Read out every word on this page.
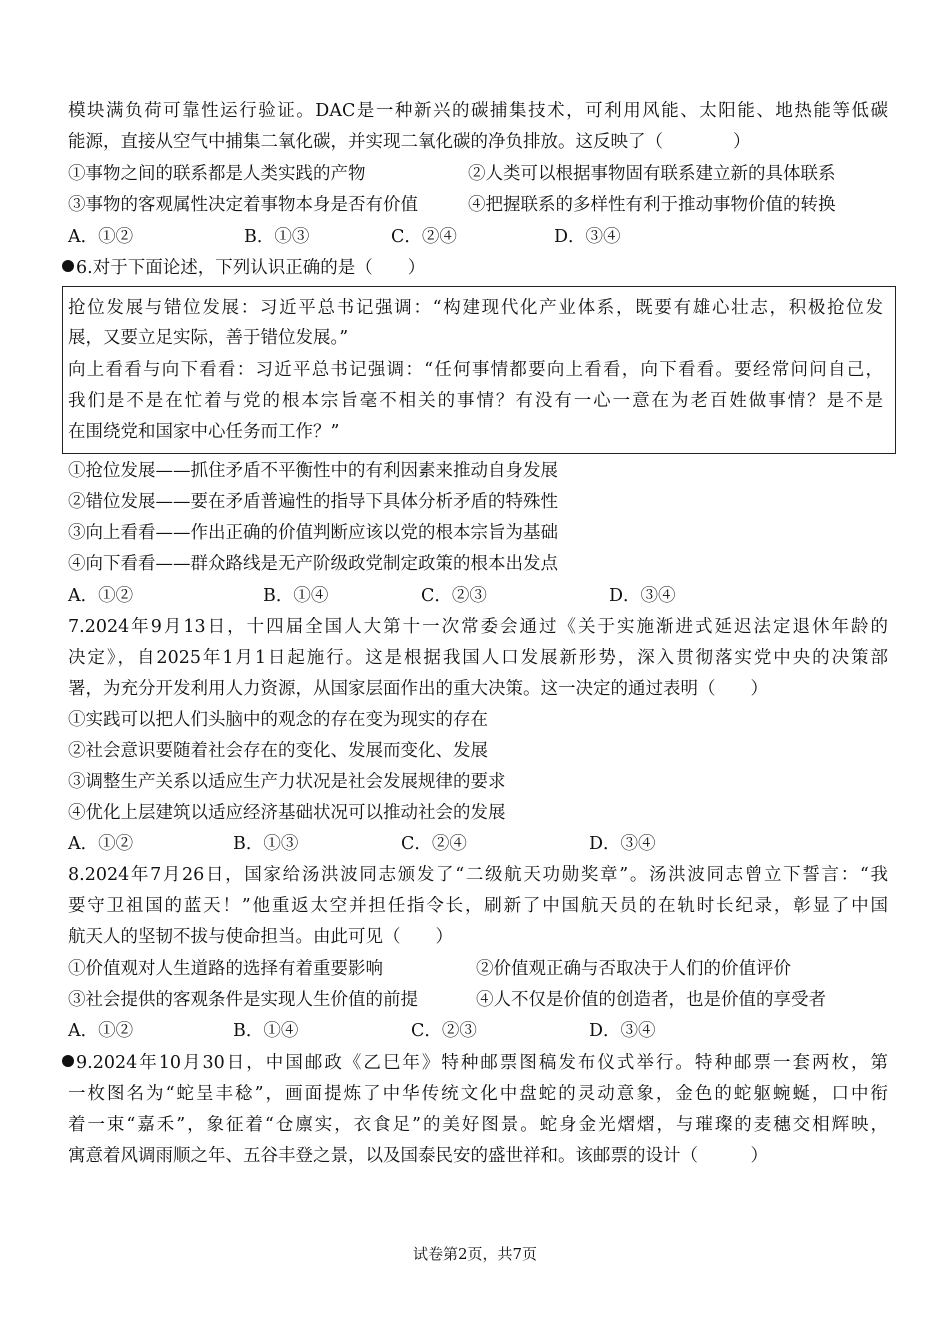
模块满负荷可靠性运行验证。DAC是一种新兴的碳捕集技术，可利用风能、太阳能、地热能等低碳
能源，直接从空气中捕集二氧化碳，并实现二氧化碳的净负排放。这反映了（　　　　）
①事物之间的联系都是人类实践的产物	②人类可以根据事物固有联系建立新的具体联系
③事物的客观属性决定着事物本身是否有价值	④把握联系的多样性有利于推动事物价值的转换
A．①②	B．①③	C．②④	D．③④
6.对于下面论述，下列认识正确的是（　　）
抢位发展与错位发展：习近平总书记强调：“构建现代化产业体系，既要有雄心壮志，积极抢位发
展，又要立足实际，善于错位发展。”
向上看看与向下看看：习近平总书记强调：“任何事情都要向上看看，向下看看。要经常问问自己，
我们是不是在忙着与党的根本宗旨毫不相关的事情？有没有一心一意在为老百姓做事情？是不是
在围绕党和国家中心任务而工作？”
①抢位发展——抓住矛盾不平衡性中的有利因素来推动自身发展
②错位发展——要在矛盾普遍性的指导下具体分析矛盾的特殊性
③向上看看——作出正确的价值判断应该以党的根本宗旨为基础
④向下看看——群众路线是无产阶级政党制定政策的根本出发点
A．①②	B．①④	C．②③	D．③④
7.2024年9月13日，十四届全国人大第十一次常委会通过《关于实施渐进式延迟法定退休年龄的
决定》，自2025年1月1日起施行。这是根据我国人口发展新形势，深入贯彻落实党中央的决策部
署，为充分开发利用人力资源，从国家层面作出的重大决策。这一决定的通过表明（　　）
①实践可以把人们头脑中的观念的存在变为现实的存在
②社会意识要随着社会存在的变化、发展而变化、发展
③调整生产关系以适应生产力状况是社会发展规律的要求
④优化上层建筑以适应经济基础状况可以推动社会的发展
A．①②	B．①③	C．②④	D．③④
8.2024年7月26日，国家给汤洪波同志颁发了“二级航天功勋奖章”。汤洪波同志曾立下誓言：“我
要守卫祖国的蓝天！”他重返太空并担任指令长，刷新了中国航天员的在轨时长纪录，彰显了中国
航天人的坚韧不拔与使命担当。由此可见（　　）
①价值观对人生道路的选择有着重要影响	②价值观正确与否取决于人们的价值评价
③社会提供的客观条件是实现人生价值的前提	④人不仅是价值的创造者，也是价值的享受者
A．①②	B．①④	C．②③	D．③④
9.2024年10月30日，中国邮政《乙巳年》特种邮票图稿发布仪式举行。特种邮票一套两枚，第
一枚图名为“蛇呈丰稔”，画面提炼了中华传统文化中盘蛇的灵动意象，金色的蛇躯蜿蜒，口中衔
着一束“嘉禾”，象征着“仓廪实，衣食足”的美好图景。蛇身金光熠熠，与璀璨的麦穗交相辉映，
寓意着风调雨顺之年、五谷丰登之景，以及国泰民安的盛世祥和。该邮票的设计（　　　）
试卷第2页，共7页
